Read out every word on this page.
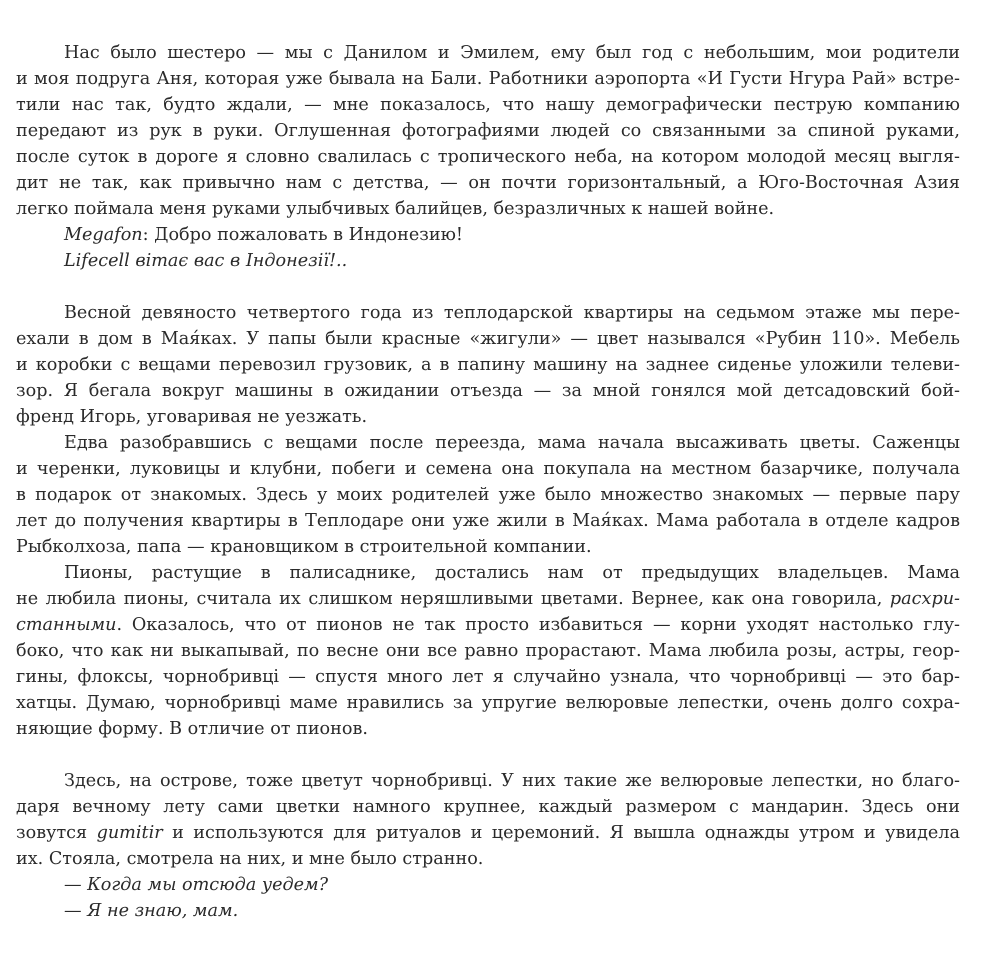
Нас было шестеро — мы с Данилом и Эмилем, ему был год с небольшим, мои родители
и моя подруга Аня, которая уже бывала на Бали. Работники аэропорта «И Густи Нгура Рай» встре-
тили нас так, будто ждали, — мне показалось, что нашу демографически пеструю компанию
передают из рук в руки. Оглушенная фотографиями людей со связанными за спиной руками,
после суток в дороге я словно свалилась с тропического неба, на котором молодой месяц выгля-
дит не так, как привычно нам с детства, — он почти горизонтальный, а Юго-Восточная Азия
легко поймала меня руками улыбчивых балийцев, безразличных к нашей войне.
Megafon: Добро пожаловать в Индонезию!
Lifecell вітає вас в Індонезії!..
Весной девяносто четвертого года из теплодарской квартиры на седьмом этаже мы пере-
ехали в дом в Мая́ках. У папы были красные «жигули» — цвет назывался «Рубин 110». Мебель
и коробки с вещами перевозил грузовик, а в папину машину на заднее сиденье уложили телеви-
зор. Я бегала вокруг машины в ожидании отъезда — за мной гонялся мой детсадовский бой-
френд Игорь, уговаривая не уезжать.
Едва разобравшись с вещами после переезда, мама начала высаживать цветы. Саженцы
и черенки, луковицы и клубни, побеги и семена она покупала на местном базарчике, получала
в подарок от знакомых. Здесь у моих родителей уже было множество знакомых — первые пару
лет до получения квартиры в Теплодаре они уже жили в Мая́ках. Мама работала в отделе кадров
Рыбколхоза, папа — крановщиком в строительной компании.
Пионы, растущие в палисаднике, достались нам от предыдущих владельцев. Мама
не любила пионы, считала их слишком неряшливыми цветами. Вернее, как она говорила, расхри-
станными. Оказалось, что от пионов не так просто избавиться — корни уходят настолько глу-
боко, что как ни выкапывай, по весне они все равно прорастают. Мама любила розы, астры, геор-
гины, флоксы, чорнобривці — спустя много лет я случайно узнала, что чорнобривці — это бар-
хатцы. Думаю, чорнобривці маме нравились за упругие велюровые лепестки, очень долго сохра-
няющие форму. В отличие от пионов.
Здесь, на острове, тоже цветут чорнобривці. У них такие же велюровые лепестки, но благо-
даря вечному лету сами цветки намного крупнее, каждый размером с мандарин. Здесь они
зовутся gumitir и используются для ритуалов и церемоний. Я вышла однажды утром и увидела
их. Стояла, смотрела на них, и мне было странно.
— Когда мы отсюда уедем?
— Я не знаю, мам.
